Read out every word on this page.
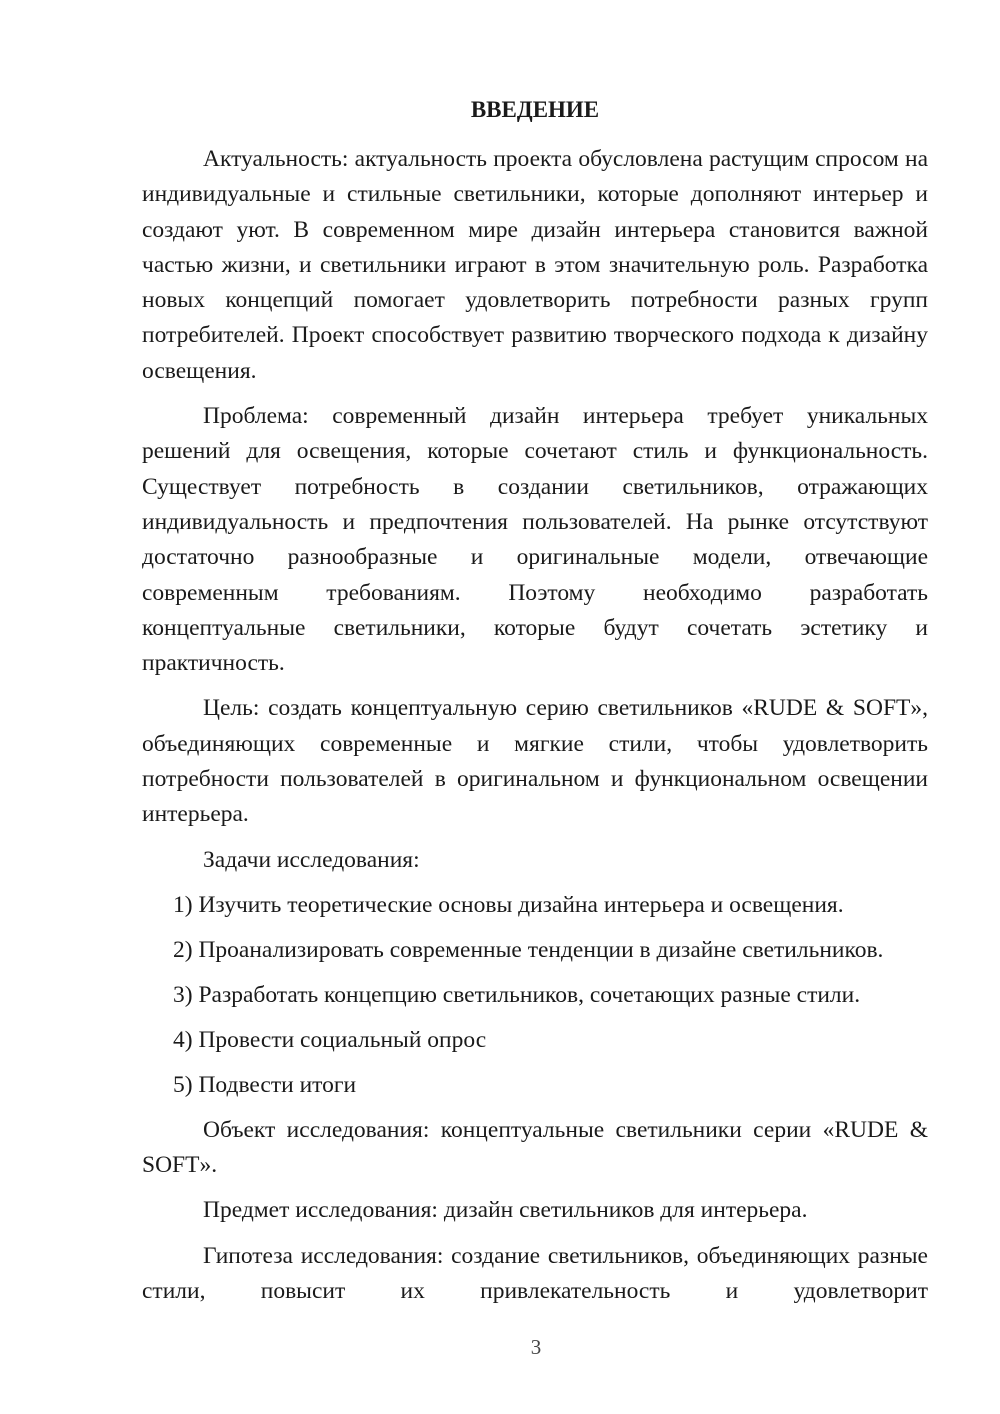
ВВЕДЕНИЕ

Актуальность: актуальность проекта обусловлена растущим спросом на индивидуальные и стильные светильники, которые дополняют интерьер и создают уют. В современном мире дизайн интерьера становится важной частью жизни, и светильники играют в этом значительную роль. Разработка новых концепций помогает удовлетворить потребности разных групп потребителей. Проект способствует развитию творческого подхода к дизайну освещения.

Проблема: современный дизайн интерьера требует уникальных решений для освещения, которые сочетают стиль и функциональность. Существует потребность в создании светильников, отражающих индивидуальность и предпочтения пользователей. На рынке отсутствуют достаточно разнообразные и оригинальные модели, отвечающие современным требованиям. Поэтому необходимо разработать концептуальные светильники, которые будут сочетать эстетику и практичность.

Цель: создать концептуальную серию светильников «RUDE & SOFT», объединяющих современные и мягкие стили, чтобы удовлетворить потребности пользователей в оригинальном и функциональном освещении интерьера.

Задачи исследования:

1) Изучить теоретические основы дизайна интерьера и освещения.
2) Проанализировать современные тенденции в дизайне светильников.
3) Разработать концепцию светильников, сочетающих разные стили.
4) Провести социальный опрос
5) Подвести итоги

Объект исследования: концептуальные светильники серии «RUDE & SOFT».

Предмет исследования: дизайн светильников для интерьера.

Гипотеза исследования: создание светильников, объединяющих разные стили, повысит их привлекательность и удовлетворит

3
